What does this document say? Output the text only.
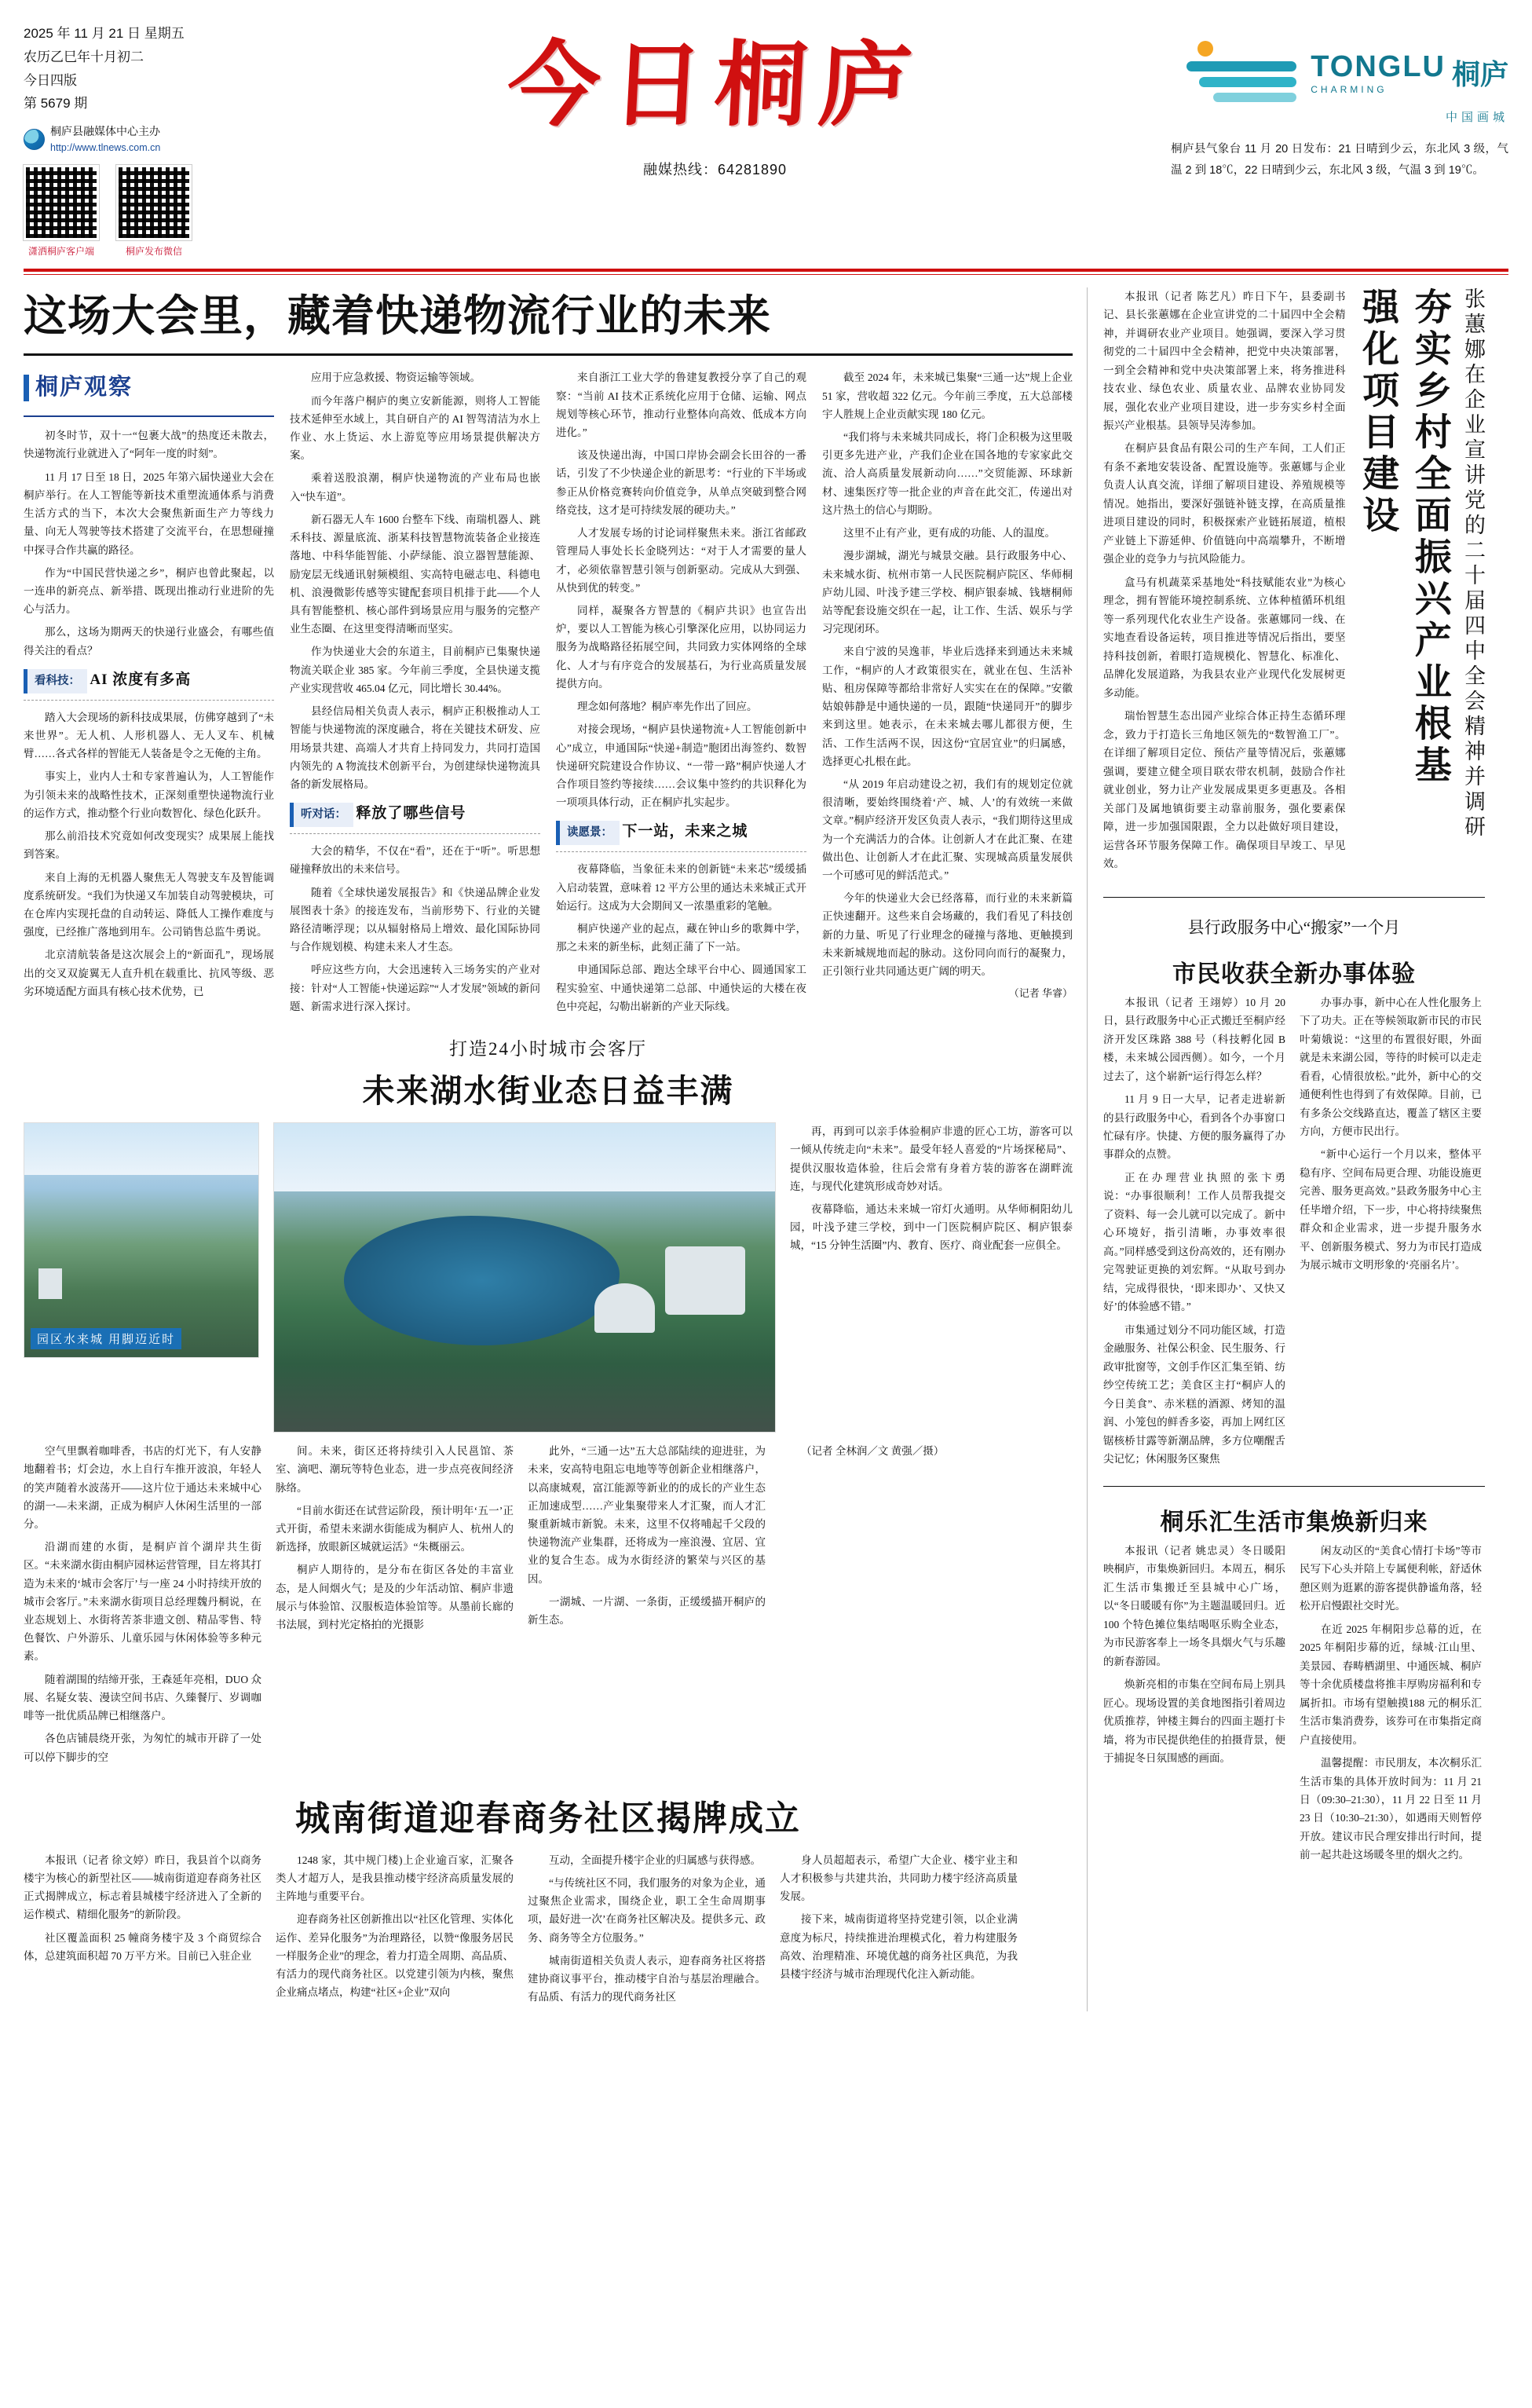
2025 年 11 月 21 日 星期五
农历乙巳年十月初二
今日四版
第 5679 期
桐庐县融媒体中心主办
http://www.tlnews.com.cn
潇洒桐庐客户端	桐庐发布微信
今日桐庐
融媒热线：64281890
TONGLU
CHARMING	桐庐
中国画城
桐庐县气象台 11 月 20 日发布：21 日晴到少云，东北风 3 级，气温 2 到 18℃，22 日晴到少云，东北风 3 级，气温 3 到 19℃。
这场大会里，藏着快递物流行业的未来
桐庐观察

初冬时节，双十一“包裹大战”的热度还未散去，快递物流行业就进入了“阿年一度的时刻”。

11 月 17 日至 18 日，2025 年第六届快递业大会在桐庐举行。在人工智能等新技术重塑流通体系与消费生活方式的当下，本次大会聚焦新面生产力等线力量、向无人驾驶等技术搭建了交流平台，在思想碰撞中探寻合作共赢的路径。

作为“中国民营快递之乡”，桐庐也曾此聚起，以一连串的新亮点、新举措、既现出推动行业进阶的先心与活力。

那么，这场为期两天的快递行业盛会，有哪些值得关注的看点？

看科技： AI 浓度有多高

踏入大会现场的新科技成果展，仿佛穿越到了“未来世界”。无人机、人形机器人、无人叉车、机械臂……各式各样的智能无人装备是令之无俺的主角。

事实上，业内人士和专家普遍认为，人工智能作为引领未来的战略性技术，正深刻重塑快递物流行业的运作方式，推动整个行业向数智化、绿色化跃升。

那么前沿技术究竟如何改变现实？成果展上能找到答案。

来自上海的无机器人聚焦无人驾驶支车及智能调度系统研发。“我们为快递又车加装自动驾驶模块，可在仓库内实现托盘的自动转运、降低人工操作难度与强度，已经推广落地到用车。公司销售总监牛勇说。

北京清航装备是这次展会上的“新面孔”，现场展出的交叉双旋翼无人直升机在载重比、抗风等级、恶劣环境适配方面具有核心技术优势，已

应用于应急救援、物资运输等领域。

而今年落户桐庐的奥立安新能源，则将人工智能技术延伸至水域上，其自研自产的 AI 智驾清洁为水上作业、水上货运、水上游览等应用场景提供解决方案。

乘着送股浪潮，桐庐快递物流的产业布局也嵌入“快车道”。

新石器无人车 1600 台整车下线、南瑞机器人、跳禾科技、源量底流、浙某科技智慧物流装备企业接连落地、中科华能智能、小萨绿能、浪立器智慧能源、励宠层无线通讯射频模组、实高特电磁志电、科德电机、浪漫微影传感等实键配套项目机排于此——个人具有智能整机、核心部件到场景应用与服务的完整产业生态圈、在这里变得清晰而坚实。

作为快递业大会的东道主，目前桐庐已集聚快递物流关联企业 385 家。今年前三季度，全县快递支揽产业实现营收 465.04 亿元，同比增长 30.44%。

县经信局相关负责人表示，桐庐正积极推动人工智能与快递物流的深度融合，将在关键技术研发、应用场景共建、高端人才共育上持同发力，共同打造国内领先的 A 物流技术创新平台，为创建绿快递物流具备的新发展格局。

听对话： 释放了哪些信号

大会的精华，不仅在“看”，还在于“听”。听思想碰撞释放出的未来信号。

随着《全球快递发展报告》和《快递品牌企业发展图表十条》的接连发布，当前形势下、行业的关键路径清晰浮现；以从辐射格局上增效、最化国际协同与合作规划模、构建未来人才生态。

呼应这些方向，大会迅速转入三场务实的产业对接：针对“人工智能+快递运踪”“人才发展”领域的新问题、新需求进行深入探讨。

来自浙江工业大学的鲁建复教授分享了自己的观察：“当前 AI 技术正系统化应用于仓储、运输、网点规划等核心环节，推动行业整体向高效、低成本方向进化。”

该及快递出海，中国口岸协会副会长田谷的一番话，引发了不少快递企业的新思考：“行业的下半场或参正从价格竞赛转向价值竞争，从单点突破到整合网络竞技，这才是可持续发展的硬功夫。”

人才发展专场的讨论词样聚焦未来。浙江省邮政管理局人事处长长金晓列达：“对于人才需要的量人才，必须依靠智慧引领与创新驱动。完成从大到强、从快到优的转变。”

同样，凝聚各方智慧的《桐庐共识》也宣告出炉，要以人工智能为核心引擎深化应用，以协同运力服务为战略路径拓展空间，共同致力实体网络的全球化、人才与有序竞合的发展基石，为行业高质量发展提供方向。

理念如何落地？桐庐率先作出了回应。

对接会现场，“桐庐县快递物流+人工智能创新中心”成立，申通国际“快递+制造”胞团出海签约、数智快递研究院建设合作协议、“一带一路”桐庐快递人才合作项目签约等接续……会议集中签约的共识释化为一项项具体行动，正在桐庐扎实起步。

读愿景： 下一站，未来之城

夜幕降临，当象征未来的创新链“未来芯”缓缓插入启动装置，意味着 12 平方公里的通达未来城正式开始运行。这成为大会期间又一浓墨重彩的笔触。

桐庐快递产业的起点，藏在钟山乡的歌舞中学，那之未来的新坐标，此刻正蒲了下一站。

申通国际总部、跑达全球平台中心、圆通国家工程实验室、中通快递第二总部、中通快运的大楼在夜色中亮起，勾勒出崭新的产业天际线。

截至 2024 年，未来城已集聚“三通一达”规上企业 51 家，营收超 322 亿元。今年前三季度，五大总部楼宇人胜规上企业贡献实现 180 亿元。

“我们将与未来城共同成长，将门企积极为这里吸引更多先进产业，产我们企业在国各地的专家家此交流、洽人高质量发展新动向……”交贸能源、环球新材、速集医疗等一批企业的声音在此交汇，传递出对这片热土的信心与期盼。

这里不止有产业，更有成的功能、人的温度。

漫步湖城，湖光与城景交融。县行政服务中心、未来城水街、杭州市第一人民医院桐庐院区、华师桐庐幼儿园、叶浅予建三学校、桐庐银泰城、钱塘桐师站等配套设施交织在一起，让工作、生活、娱乐与学习完现闭环。

来自宁波的吴逸菲，毕业后选择来到通达未来城工作，“桐庐的人才政策很实在，就业在包、生活补贴、租房保障等都给非常好人实实在在的保障。”安徽姑娘韩静是中通快递的一员，跟随“快递同开”的脚步来到这里。她表示，在未来城去哪儿都很方便，生活、工作生活两不误，因这份“宜居宜业”的归属感，选择更心扎根在此。

“从 2019 年启动建设之初，我们有的规划定位就很清晰，要始终围绕着‘产、城、人’的有效统一来做文章。”桐庐经济开发区负责人表示，“我们期待这里成为一个充满活力的合体。让创新人才在此汇聚、在建做出色、让创新人才在此汇聚、实现城高质量发展供一个可感可见的鲜活范式。”

今年的快递业大会已经落幕，而行业的未来新篇正快速翻开。这些来自会场藏的，我们看见了科技创新的力量、听见了行业理念的碰撞与落地、更触摸到未来新城规地而起的脉动。这份同向而行的凝聚力，正引领行业共同通达更广阔的明天。

（记者 华睿）

打造24小时城市会客厅
未来湖水街业态日益丰满
园区水来城 用脚迈近时

再，再到可以亲手体验桐庐非遗的匠心工坊，游客可以一倾从传统走向“未来”。最受年轻人喜爱的“片场探秘局”、提供汉服妆造体验，往后会常有身着方装的游客在湖畔流连，与现代化建筑形成奇妙对话。

夜幕降临，通达未来城一帘灯火通明。从华师桐阳幼儿园，叶浅予建三学校，到中一门医院桐庐院区、桐庐银泰城，“15 分钟生活圈”内、教育、医疗、商业配套一应俱全。

空气里飘着咖啡香，书店的灯光下，有人安静地翻着书；灯会边，水上自行车推开波浪，年轻人的笑声随着水波荡开——这片位于通达未来城中心的湖一—未来湖，正成为桐庐人休闲生活里的一部分。

沿湖而建的水街，是桐庐首个湖岸共生街区。“未来湖水街由桐庐园林运营管理，目左将其打造为未来的‘城市会客厅’与一座 24 小时持续开放的城市会客厅。”未来湖水街项目总经理魏丹桐说，在业态规划上、水街将苦茶非遗文创、精品零售、特色餐饮、户外游乐、儿童乐园与休闲体验等多种元素。

随着湖围的结缔开张，王森延年亮相，DUO 众展、名疑女装、漫读空间书店、久臻餐厅、岁调咖啡等一批优质品牌已相继落户。

各色店铺晨绕开张，为匆忙的城市开辟了一处可以停下脚步的空

间。未来，街区还将持续引入人民邕馆、茶室、滴吧、潮玩等特色业态，进一步点亮夜间经济脉络。

“目前水街还在试营运阶段，预计明年‘五一’正式开街，希望未来湖水街能成为桐庐人、杭州人的新选择，放眼新区城就运活》“朱概丽云。

桐庐人期待的，是分布在街区各处的丰富业态，是人间烟火气；是及的少年活动馆、桐庐非遗展示与体验馆、汉服板造体验馆等。从墨前长廊的书法展，到村光定格拍的光摄影

此外，“三通一达”五大总部陆续的迎进驻，为未来，安高特电阻忘电地等等创新企业相继落户，以高康城观，富江能源等新业的的成长的产业生态正加速成型……产业集聚带来人才汇聚，而人才汇聚重新城市新貌。未来，这里不仅将哺起千父段的快递物流产业集群，还将成为一座浪漫、宜居、宜业的复合生态。成为水街经济的繁荣与兴区的基因。

一湖城、一片湖、一条街，正缓缓描开桐庐的新生态。

（记者 全林润／文 黄强／摄）

城南街道迎春商务社区揭牌成立

本报讯（记者 徐文婷）昨日，我县首个以商务楼宇为核心的新型社区——城南街道迎春商务社区正式揭牌成立，标志着县城楼宇经济进入了全新的运作模式、精细化服务”的新阶段。

社区覆盖面积 25 幢商务楼宇及 3 个商贸综合体，总建筑面积超 70 万平方米。目前已入驻企业

1248 家，其中规门楼)上企业逾百家，汇聚各类人才超万人，是我县推动楼宇经济高质量发展的主阵地与重要平台。

迎春商务社区创新推出以“社区化管理、实体化运作、差异化服务”为治理路径，以赞“像服务居民一样服务企业”的理念，着力打造全周期、高品质、有活力的现代商务社区。以党建引领为内核，聚焦企业痛点堵点，构建“社区+企业”双向

互动，全面提升楼宇企业的归属感与获得感。

“与传统社区不同，我们服务的对象为企业，通过聚焦企业需求，围绕企业，职工全生命周期事项，最好进一次’在商务社区解决及。提供多元、政务、商务等全方位服务。”

城南街道相关负责人表示，迎春商务社区将搭建协商议事平台，推动楼宇自治与基层治理融合。有品质、有活力的现代商务社区

身人员超超表示，希望广大企业、楼宇业主和人才积极参与共建共治，共同助力楼宇经济高质量发展。

接下来，城南街道将坚持党建引领，以企业满意度为标尺，持续推进治理模式化，着力构建服务高效、治理精准、环境优越的商务社区典范，为我县楼宇经济与城市治理现代化注入新动能。

本报讯（记者 陈艺凡）昨日下午，县委副书记、县长张蕙娜在企业宣讲党的二十届四中全会精神，并调研农业产业项目。她强调，要深入学习贯彻党的二十届四中全会精神，把党中央决策部署，一到全会精神和党中央决策部署上来，将务推进科技农业、绿色农业、质量农业、品牌农业协同发展，强化农业产业项目建设，进一步夯实乡村全面振兴产业根基。县领导吴涛参加。

在桐庐县食品有限公司的生产车间，工人们正有条不紊地安装设备、配置设施等。张蕙娜与企业负责人认真交流，详细了解项目建设、养殖规模等情况。她指出，要深好强链补链支撑，在高质量推进项目建设的同时，积极探索产业链拓展道，植根产业链上下游延伸、价值链向中高端攀升，不断增强企业的竞争力与抗风险能力。

盒马有机蔬菜采基地处“科技赋能农业”为核心理念，拥有智能环境控制系统、立体种植循环机组等一系列现代化农业生产设备。张蕙娜同一线、在实地查看设备运转，项目推进等情况后指出，要坚持科技创新，着眼打造规模化、智慧化、标准化、品牌化发展道路，为我县农业产业现代化发展树更多动能。

瑞怡智慧生态出园产业综合体正持生态循环理念，致力于打造长三角地区领先的“数智渔工厂”。在详细了解项目定位、预估产量等情况后，张蕙娜强调，要建立健全项目联农带农机制，鼓励合作社就业创业，努力让产业发展成果更多更惠及。各相关部门及属地镇街要主动靠前服务，强化要素保障，进一步加强国限跟，全力以赴做好项目建设，运营各环节服务保障工作。确保项目早竣工、早见效。

强化项目建设 夯实乡村全面振兴产业根基 张蕙娜在企业宣讲党的二十届四中全会精神并调研
县行政服务中心“搬家”一个月
市民收获全新办事体验

本报讯（记者 王翊婷）10 月 20 日，县行政服务中心正式搬迁至桐庐经济开发区珠路 388 号（科技孵化园 B 楼，未来城公园西侧）。如今，一个月过去了，这个崭新“运行得怎么样？

11 月 9 日一大早，记者走进崭新的县行政服务中心，看到各个办事窗口忙碌有序。快捷、方便的服务赢得了办事群众的点赞。

正在办理营业执照的张卞勇说：“办事很顺利！工作人员帮我提交了资料、每一会儿就可以完成了。新中心环境好，指引清晰，办事效率很高。”同样感受到这份高效的，还有刚办完驾驶证更换的刘宏辉。“从取号到办结，完成得很快，‘即来即办’、又快又好’的体验感不错。”

市集通过划分不同功能区域，打造金融服务、社保公积金、民生服务、行政审批窗等，文创手作区汇集至销、纺纱空传统工艺；美食区主打“桐庐人的今日美食”、赤米糕的酒源、烤知的温润、小笼包的鲜香多姿，再加上网红区锯核桥甘露等新潮品牌，多方位嘲醒舌尖记忆；休闲服务区聚焦

办事办事，新中心在人性化服务上下了功夫。正在等候领取新市民的市民叶菊娥说：“这里的布置很好眼，外面就是未来湖公园，等待的时候可以走走看看，心情很放松。”此外，新中心的交通便利性也得到了有效保障。目前，已有多条公交线路直达，覆盖了辖区主要方向，方便市民出行。

“新中心运行一个月以来，整体平稳有序、空间布局更合理、功能设施更完善、服务更高效。”县政务服务中心主任毕增介绍，下一步，中心将持续聚焦群众和企业需求，进一步提升服务水平、创新服务模式、努力为市民打造成为展示城市文明形象的‘亮丽名片’。

桐乐汇生活市集焕新归来

本报讯（记者 姚忠灵）冬日暖阳映桐庐，市集焕新回归。本周五，桐乐汇生活市集搬迁至县城中心广场，以“冬日暖暖有你”为主题温暖回归。近 100 个特色摊位集结喝呕乐购全业态，为市民游客奉上一场冬具烟火气与乐趣的新春游园。

焕新亮相的市集在空间布局上别具匠心。现场设置的美食地图指引着周边优质推荐，钟楼主舞台的四面主题打卡墙，将为市民提供绝佳的拍摄背景，便于捕捉冬日氛围感的画面。

闲友动区的“美食心情打卡场”等市民写下心头并陪上专属便利帐，舒适休憩区则为逛累的游客提供静谧角落，轻松开启慢跟社交时光。

在近 2025 年桐阳步总幕的近，在 2025 年桐阳步幕的近，绿城·江山里、美景园、春畴栖湖里、中通医城、桐庐等十余优质楼盘将推丰厚购房福利和专属折扣。市场有望触摸188 元的桐乐汇生活市集消费券，该券可在市集指定商户直接使用。

温馨提醒：市民朋友，本次桐乐汇生活市集的具体开放时间为：11 月 21 日（09:30–21:30），11 月 22 日至 11 月 23 日（10:30–21:30），如遇雨天则暂停开放。建议市民合理安排出行时间，提前一起共赴这场暖冬里的烟火之约。
